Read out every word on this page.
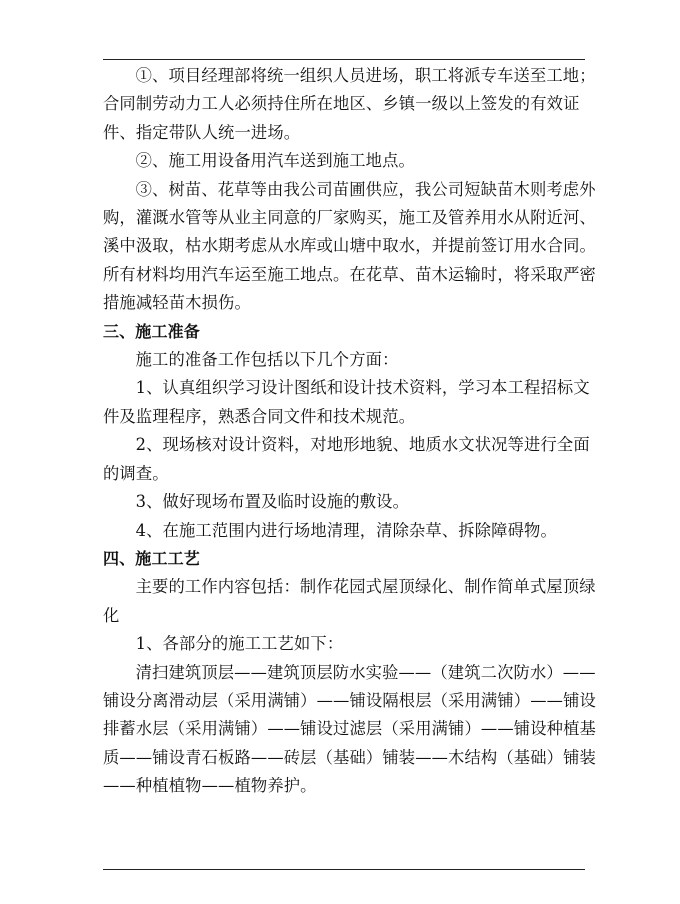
①、项目经理部将统一组织人员进场，职工将派专车送至工地；
合同制劳动力工人必须持住所在地区、乡镇一级以上签发的有效证
件、指定带队人统一进场。

②、施工用设备用汽车送到施工地点。

③、树苗、花草等由我公司苗圃供应，我公司短缺苗木则考虑外
购，灌溉水管等从业主同意的厂家购买，施工及管养用水从附近河、
溪中汲取，枯水期考虑从水库或山塘中取水，并提前签订用水合同。
所有材料均用汽车运至施工地点。在花草、苗木运输时，将采取严密
措施减轻苗木损伤。

三、施工准备

施工的准备工作包括以下几个方面：

1、认真组织学习设计图纸和设计技术资料，学习本工程招标文
件及监理程序，熟悉合同文件和技术规范。

2、现场核对设计资料，对地形地貌、地质水文状况等进行全面
的调查。

3、做好现场布置及临时设施的敷设。

4、在施工范围内进行场地清理，清除杂草、拆除障碍物。

四、施工工艺

主要的工作内容包括：制作花园式屋顶绿化、制作简单式屋顶绿
化

1、各部分的施工工艺如下：

清扫建筑顶层——建筑顶层防水实验——（建筑二次防水）——
铺设分离滑动层（采用满铺）——铺设隔根层（采用满铺）——铺设
排蓄水层（采用满铺）——铺设过滤层（采用满铺）——铺设种植基
质——铺设青石板路——砖层（基础）铺装——木结构（基础）铺装
——种植植物——植物养护。
